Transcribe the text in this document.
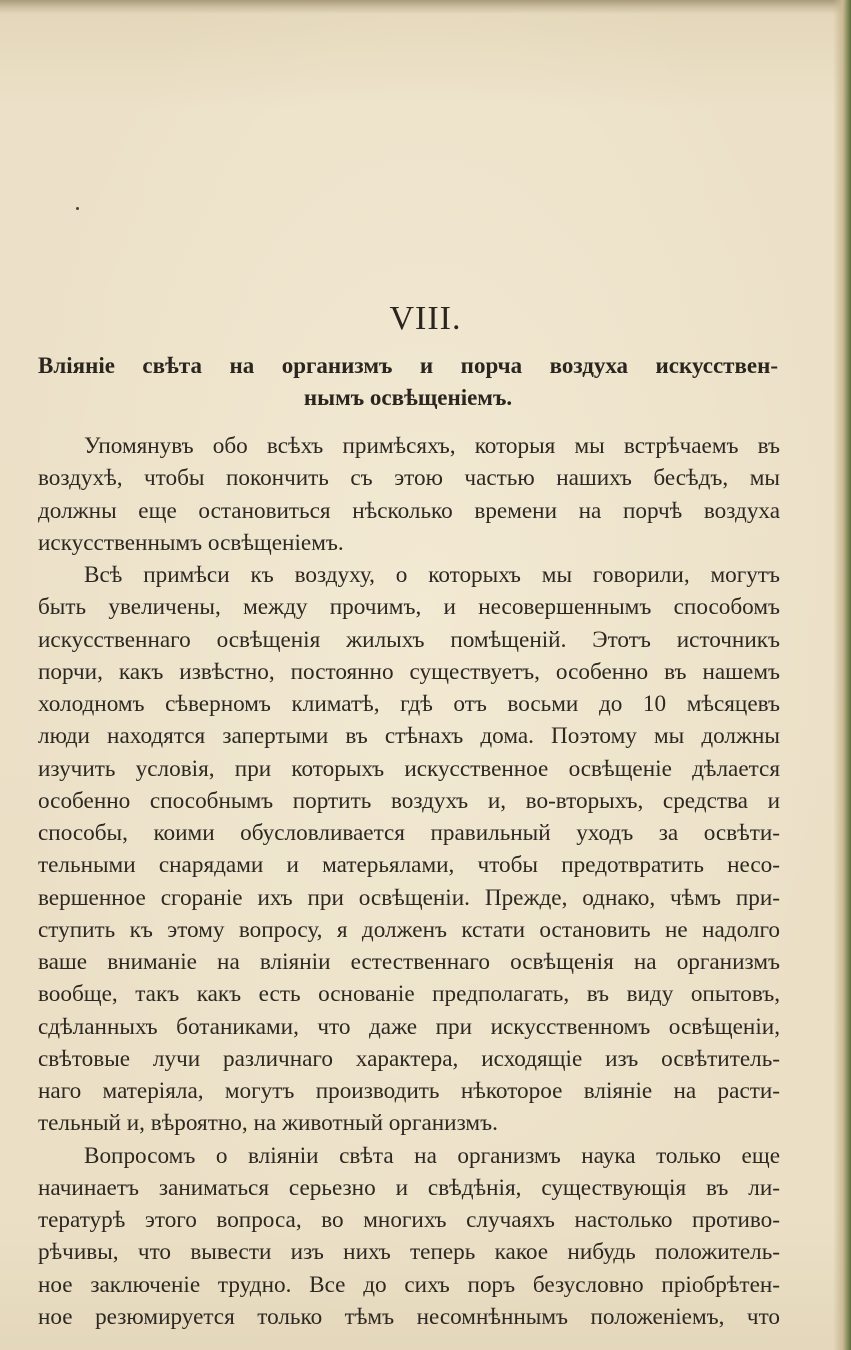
VIII.
Вліяніе свѣта на организмъ и порча воздуха искусствен-
нымъ освѣщеніемъ.
Упомянувъ обо всѣхъ примѣсяхъ, которыя мы встрѣчаемъ въ
воздухѣ, чтобы покончить съ этою частью нашихъ бесѣдъ, мы
должны еще остановиться нѣсколько времени на порчѣ воздуха
искусственнымъ освѣщеніемъ.
Всѣ примѣси къ воздуху, о которыхъ мы говорили, могутъ
быть увеличены, между прочимъ, и несовершеннымъ способомъ
искусственнаго освѣщенія жилыхъ помѣщеній. Этотъ источникъ
порчи, какъ извѣстно, постоянно существуетъ, особенно въ нашемъ
холодномъ сѣверномъ климатѣ, гдѣ отъ восьми до 10 мѣсяцевъ
люди находятся запертыми въ стѣнахъ дома. Поэтому мы должны
изучить условія, при которыхъ искусственное освѣщеніе дѣлается
особенно способнымъ портить воздухъ и, во-вторыхъ, средства и
способы, коими обусловливается правильный уходъ за освѣти-
тельными снарядами и матерьялами, чтобы предотвратить несо-
вершенное сгораніе ихъ при освѣщеніи. Прежде, однако, чѣмъ при-
ступить къ этому вопросу, я долженъ кстати остановить не надолго
ваше вниманіе на вліяніи естественнаго освѣщенія на организмъ
вообще, такъ какъ есть основаніе предполагать, въ виду опытовъ,
сдѣланныхъ ботаниками, что даже при искусственномъ освѣщеніи,
свѣтовые лучи различнаго характера, исходящіе изъ освѣтитель-
наго матеріяла, могутъ производить нѣкоторое вліяніе на расти-
тельный и, вѣроятно, на животный организмъ.
Вопросомъ о вліяніи свѣта на организмъ наука только еще
начинаетъ заниматься серьезно и свѣдѣнія, существующія въ ли-
тературѣ этого вопроса, во многихъ случаяхъ настолько противо-
рѣчивы, что вывести изъ нихъ теперь какое нибудь положитель-
ное заключеніе трудно. Все до сихъ поръ безусловно пріобрѣтен-
ное резюмируется только тѣмъ несомнѣннымъ положеніемъ, что
